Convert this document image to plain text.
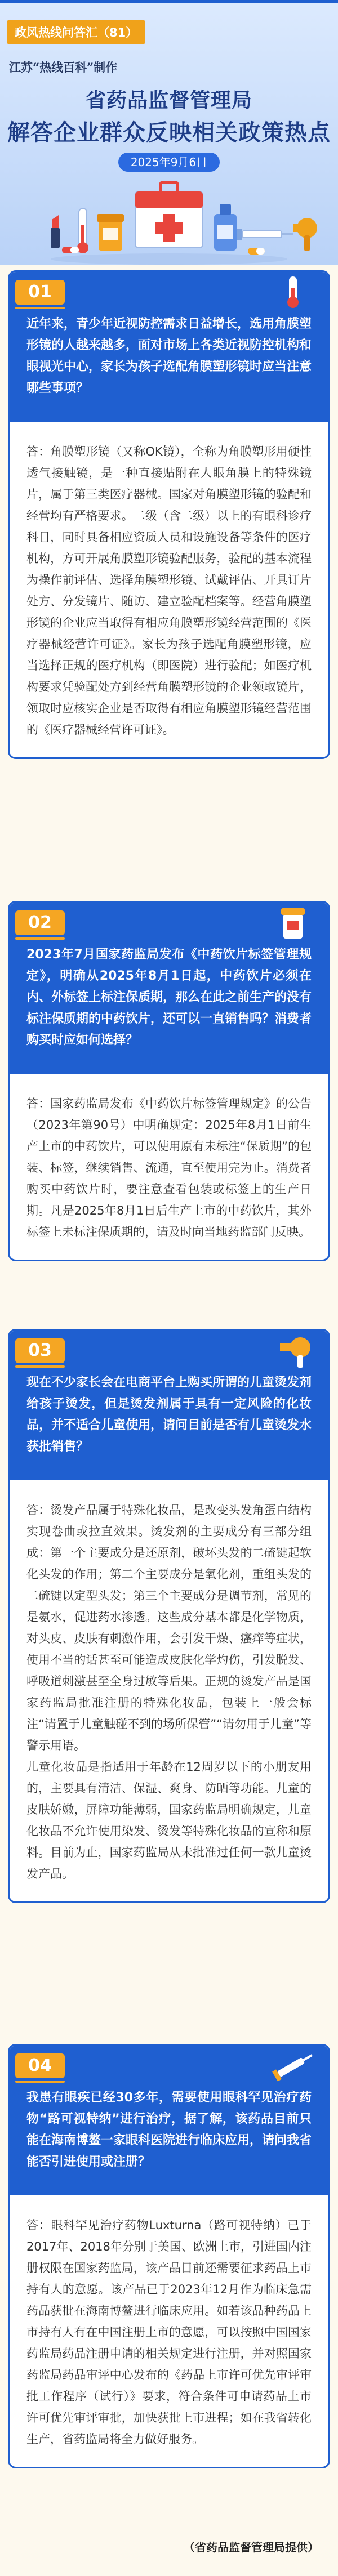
政风热线问答汇（81）
江苏“热线百科”制作
省药品监督管理局
解答企业群众反映相关政策热点
2025年9月6日
01
近年来，青少年近视防控需求日益增长，选用角膜塑形镜的人越来越多，面对市场上各类近视防控机构和眼视光中心，家长为孩子选配角膜塑形镜时应当注意哪些事项？

答：角膜塑形镜（又称OK镜），全称为角膜塑形用硬性透气接触镜，是一种直接贴附在人眼角膜上的特殊镜片，属于第三类医疗器械。国家对角膜塑形镜的验配和经营均有严格要求。二级（含二级）以上的有眼科诊疗科目，同时具备相应资质人员和设施设备等条件的医疗机构，方可开展角膜塑形镜验配服务，验配的基本流程为操作前评估、选择角膜塑形镜、试戴评估、开具订片处方、分发镜片、随访、建立验配档案等。经营角膜塑形镜的企业应当取得有相应角膜塑形镜经营范围的《医疗器械经营许可证》。家长为孩子选配角膜塑形镜，应当选择正规的医疗机构（即医院）进行验配；如医疗机构要求凭验配处方到经营角膜塑形镜的企业领取镜片，领取时应核实企业是否取得有相应角膜塑形镜经营范围的《医疗器械经营许可证》。

02
2023年7月国家药监局发布《中药饮片标签管理规定》，明确从2025年8月1日起，中药饮片必须在内、外标签上标注保质期，那么在此之前生产的没有标注保质期的中药饮片，还可以一直销售吗？消费者购买时应如何选择？

答：国家药监局发布《中药饮片标签管理规定》的公告（2023年第90号）中明确规定：2025年8月1日前生产上市的中药饮片，可以使用原有未标注“保质期”的包装、标签，继续销售、流通，直至使用完为止。消费者购买中药饮片时，要注意查看包装或标签上的生产日期。凡是2025年8月1日后生产上市的中药饮片，其外标签上未标注保质期的，请及时向当地药监部门反映。

03
现在不少家长会在电商平台上购买所谓的儿童烫发剂给孩子烫发，但是烫发剂属于具有一定风险的化妆品，并不适合儿童使用，请问目前是否有儿童烫发水获批销售？

答：烫发产品属于特殊化妆品，是改变头发角蛋白结构实现卷曲或拉直效果。烫发剂的主要成分有三部分组成：第一个主要成分是还原剂，破坏头发的二硫键起软化头发的作用；第二个主要成分是氧化剂，重组头发的二硫键以定型头发；第三个主要成分是调节剂，常见的是氨水，促进药水渗透。这些成分基本都是化学物质，对头皮、皮肤有刺激作用，会引发干燥、瘙痒等症状，使用不当的话甚至可能造成皮肤化学灼伤，引发脱发、呼吸道刺激甚至全身过敏等后果。正规的烫发产品是国家药监局批准注册的特殊化妆品，包装上一般会标注“请置于儿童触碰不到的场所保管”“请勿用于儿童”等警示用语。
儿童化妆品是指适用于年龄在12周岁以下的小朋友用的，主要具有清洁、保湿、爽身、防晒等功能。儿童的皮肤娇嫩，屏障功能薄弱，国家药监局明确规定，儿童化妆品不允许使用染发、烫发等特殊化妆品的宣称和原料。目前为止，国家药监局从未批准过任何一款儿童烫发产品。

04
我患有眼疾已经30多年，需要使用眼科罕见治疗药物“路可视特纳”进行治疗，据了解，该药品目前只能在海南博鳌一家眼科医院进行临床应用，请问我省能否引进使用或注册？

答：眼科罕见治疗药物Luxturna（路可视特纳）已于2017年、2018年分别于美国、欧洲上市，引进国内注册权限在国家药监局，该产品目前还需要征求药品上市持有人的意愿。该产品已于2023年12月作为临床急需药品获批在海南博鳌进行临床应用。如若该品种药品上市持有人有在中国注册上市的意愿，可以按照中国国家药监局药品注册申请的相关规定进行注册，并对照国家药监局药品审评中心发布的《药品上市许可优先审评审批工作程序（试行）》要求，符合条件可申请药品上市许可优先审评审批，加快获批上市进程；如在我省转化生产，省药监局将全力做好服务。

（省药品监督管理局提供）
